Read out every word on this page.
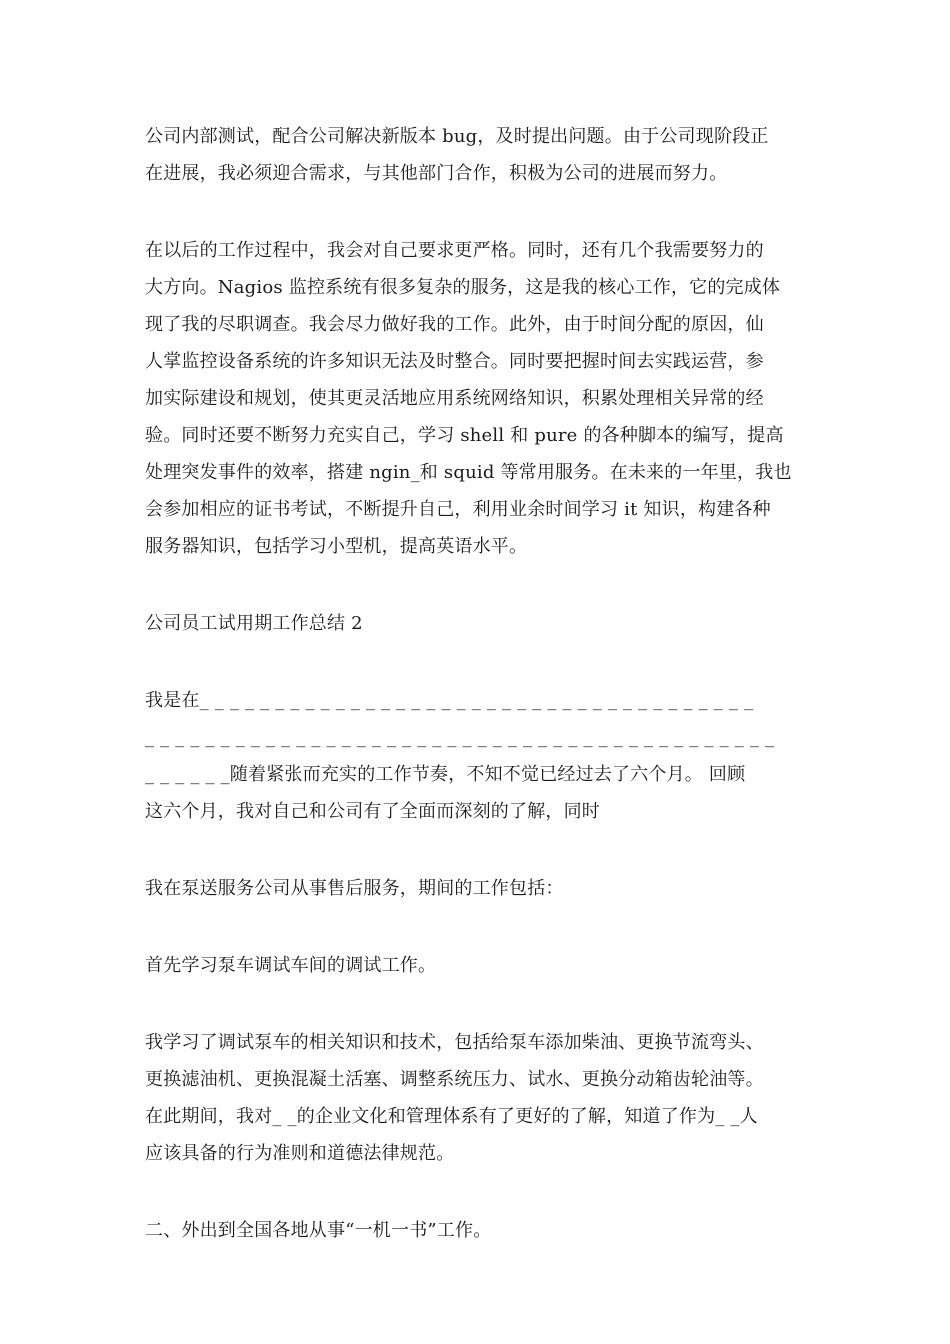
公司内部测试，配合公司解决新版本 bug，及时提出问题。由于公司现阶段正
在进展，我必须迎合需求，与其他部门合作，积极为公司的进展而努力。
在以后的工作过程中，我会对自己要求更严格。同时，还有几个我需要努力的
大方向。Nagios 监控系统有很多复杂的服务，这是我的核心工作，它的完成体
现了我的尽职调查。我会尽力做好我的工作。此外，由于时间分配的原因，仙
人掌监控设备系统的许多知识无法及时整合。同时要把握时间去实践运营，参
加实际建设和规划，使其更灵活地应用系统网络知识，积累处理相关异常的经
验。同时还要不断努力充实自己，学习 shell 和 pure 的各种脚本的编写，提高
处理突发事件的效率，搭建 ngin_和 squid 等常用服务。在未来的一年里，我也
会参加相应的证书考试，不断提升自己，利用业余时间学习 it 知识，构建各种
服务器知识，包括学习小型机，提高英语水平。
公司员工试用期工作总结 2
我是在_ _ _ _ _ _ _ _ _ _ _ _ _ _ _ _ _ _ _ _ _ _ _ _ _ _ _ _ _ _ _ _ _ _ _ _ _
_ _ _ _ _ _ _ _ _ _ _ _ _ _ _ _ _ _ _ _ _ _ _ _ _ _ _ _ _ _ _ _ _ _ _ _ _ _ _ _ _ _
_ _ _ _ _ _随着紧张而充实的工作节奏，不知不觉已经过去了六个月。 回顾
这六个月，我对自己和公司有了全面而深刻的了解，同时
我在泵送服务公司从事售后服务，期间的工作包括：
首先学习泵车调试车间的调试工作。
我学习了调试泵车的相关知识和技术，包括给泵车添加柴油、更换节流弯头、
更换滤油机、更换混凝土活塞、调整系统压力、试水、更换分动箱齿轮油等。
在此期间，我对_ _的企业文化和管理体系有了更好的了解，知道了作为_ _人
应该具备的行为准则和道德法律规范。
二、外出到全国各地从事“一机一书”工作。
